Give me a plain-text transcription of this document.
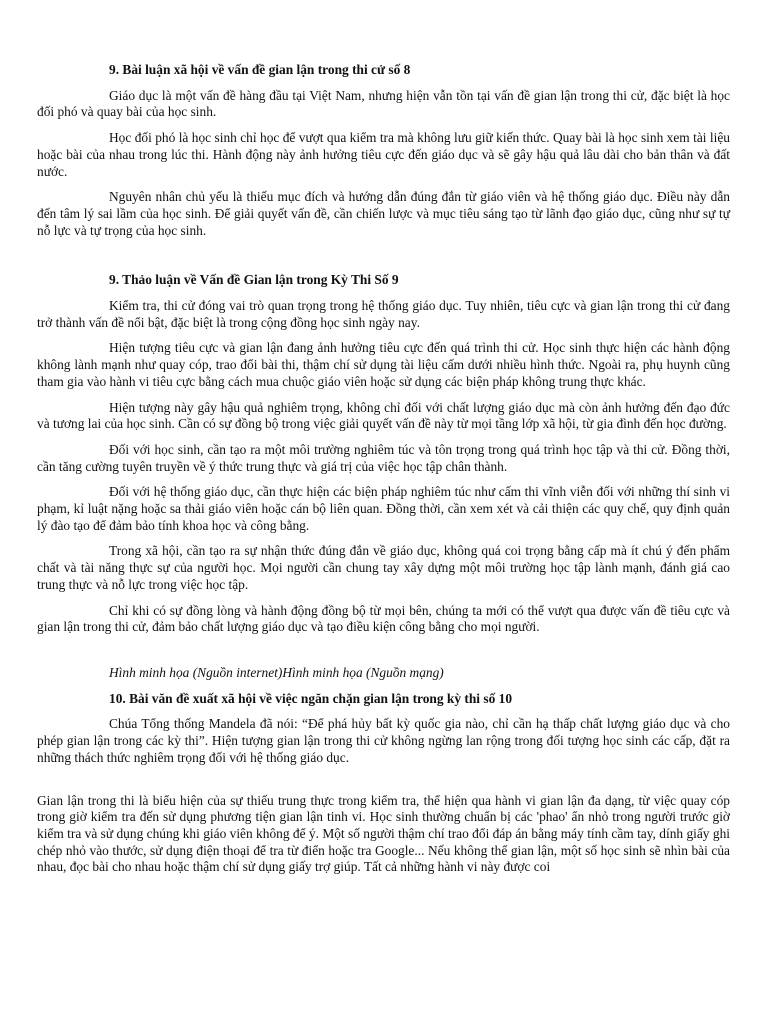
9. Bài luận xã hội về vấn đề gian lận trong thi cử số 8

Giáo dục là một vấn đề hàng đầu tại Việt Nam, nhưng hiện vẫn tồn tại vấn đề gian lận trong thi cử, đặc biệt là học đối phó và quay bài của học sinh.

Học đối phó là học sinh chỉ học để vượt qua kiểm tra mà không lưu giữ kiến thức. Quay bài là học sinh xem tài liệu hoặc bài của nhau trong lúc thi. Hành động này ảnh hưởng tiêu cực đến giáo dục và sẽ gây hậu quả lâu dài cho bản thân và đất nước.

Nguyên nhân chủ yếu là thiếu mục đích và hướng dẫn đúng đắn từ giáo viên và hệ thống giáo dục. Điều này dẫn đến tâm lý sai lầm của học sinh. Để giải quyết vấn đề, cần chiến lược và mục tiêu sáng tạo từ lãnh đạo giáo dục, cũng như sự tự nỗ lực và tự trọng của học sinh.

9. Thảo luận về Vấn đề Gian lận trong Kỳ Thi Số 9

Kiểm tra, thi cử đóng vai trò quan trọng trong hệ thống giáo dục. Tuy nhiên, tiêu cực và gian lận trong thi cử đang trở thành vấn đề nổi bật, đặc biệt là trong cộng đồng học sinh ngày nay.

Hiện tượng tiêu cực và gian lận đang ảnh hưởng tiêu cực đến quá trình thi cử. Học sinh thực hiện các hành động không lành mạnh như quay cóp, trao đổi bài thi, thậm chí sử dụng tài liệu cấm dưới nhiều hình thức. Ngoài ra, phụ huynh cũng tham gia vào hành vi tiêu cực bằng cách mua chuộc giáo viên hoặc sử dụng các biện pháp không trung thực khác.

Hiện tượng này gây hậu quả nghiêm trọng, không chỉ đối với chất lượng giáo dục mà còn ảnh hưởng đến đạo đức và tương lai của học sinh. Cần có sự đồng bộ trong việc giải quyết vấn đề này từ mọi tầng lớp xã hội, từ gia đình đến học đường.

Đối với học sinh, cần tạo ra một môi trường nghiêm túc và tôn trọng trong quá trình học tập và thi cử. Đồng thời, cần tăng cường tuyên truyền về ý thức trung thực và giá trị của việc học tập chân thành.

Đối với hệ thống giáo dục, cần thực hiện các biện pháp nghiêm túc như cấm thi vĩnh viễn đối với những thí sinh vi phạm, kỉ luật nặng hoặc sa thải giáo viên hoặc cán bộ liên quan. Đồng thời, cần xem xét và cải thiện các quy chế, quy định quản lý đào tạo để đảm bảo tính khoa học và công bằng.

Trong xã hội, cần tạo ra sự nhận thức đúng đắn về giáo dục, không quá coi trọng bằng cấp mà ít chú ý đến phẩm chất và tài năng thực sự của người học. Mọi người cần chung tay xây dựng một môi trường học tập lành mạnh, đánh giá cao trung thực và nỗ lực trong việc học tập.

Chỉ khi có sự đồng lòng và hành động đồng bộ từ mọi bên, chúng ta mới có thể vượt qua được vấn đề tiêu cực và gian lận trong thi cử, đảm bảo chất lượng giáo dục và tạo điều kiện công bằng cho mọi người.

Hình minh họa (Nguồn internet)Hình minh họa (Nguồn mạng)

10. Bài văn đề xuất xã hội về việc ngăn chặn gian lận trong kỳ thi số 10

Chúa Tổng thống Mandela đã nói: “Để phá hủy bất kỳ quốc gia nào, chỉ cần hạ thấp chất lượng giáo dục và cho phép gian lận trong các kỳ thi”. Hiện tượng gian lận trong thi cử không ngừng lan rộng trong đối tượng học sinh các cấp, đặt ra những thách thức nghiêm trọng đối với hệ thống giáo dục.

Gian lận trong thi là biểu hiện của sự thiếu trung thực trong kiểm tra, thể hiện qua hành vi gian lận đa dạng, từ việc quay cóp trong giờ kiểm tra đến sử dụng phương tiện gian lận tinh vi. Học sinh thường chuẩn bị các 'phao' ẩn nhỏ trong người trước giờ kiểm tra và sử dụng chúng khi giáo viên không để ý. Một số người thậm chí trao đổi đáp án bằng máy tính cầm tay, dính giấy ghi chép nhỏ vào thước, sử dụng điện thoại để tra từ điển hoặc tra Google... Nếu không thể gian lận, một số học sinh sẽ nhìn bài của nhau, đọc bài cho nhau hoặc thậm chí sử dụng giấy trợ giúp. Tất cả những hành vi này được coi
